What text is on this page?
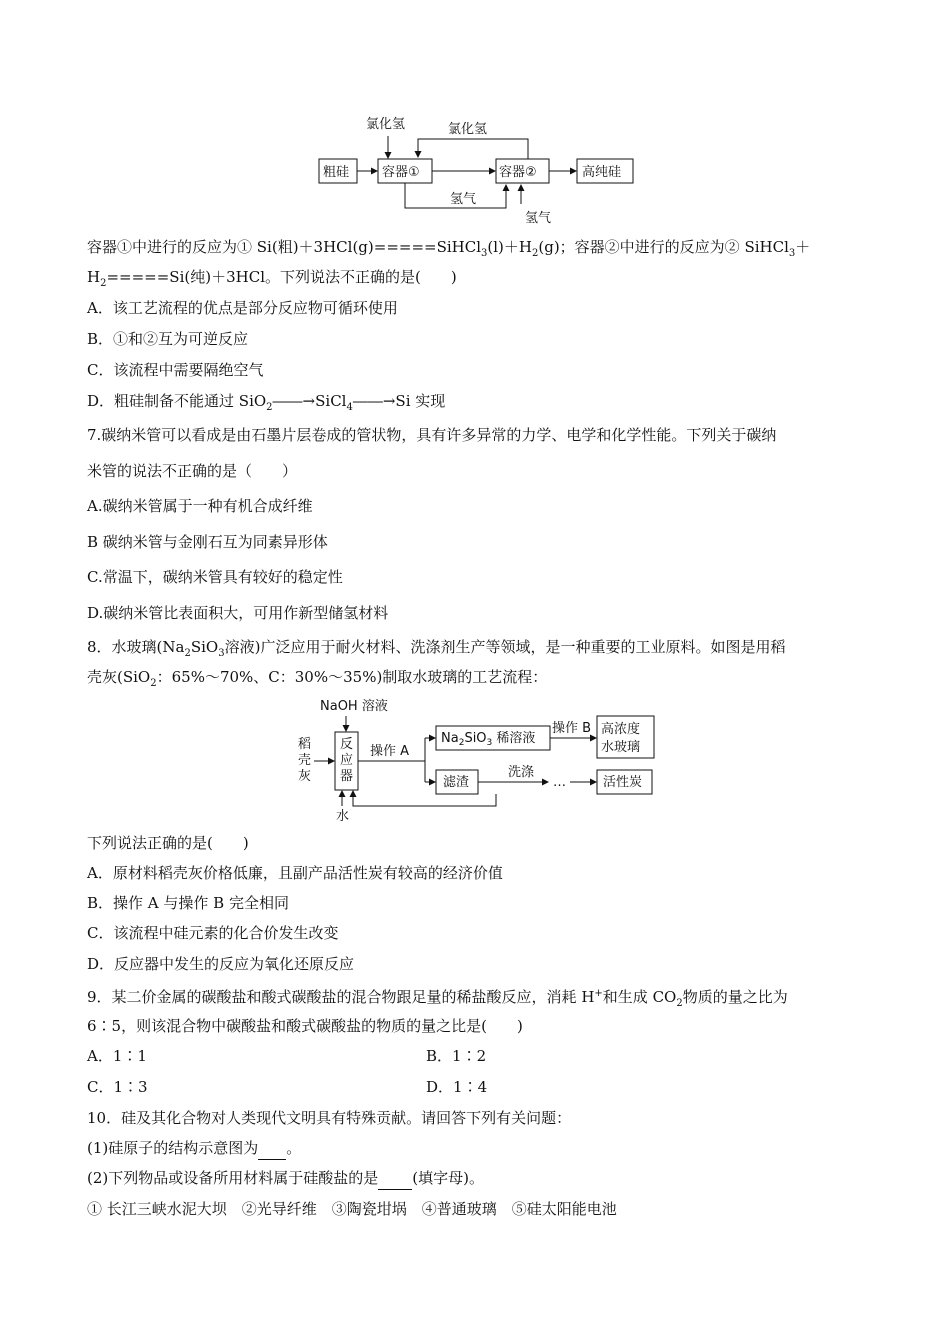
氯化氢	氯化氢
粗硅	容器①	容器②	高纯硅
氢气
氢气
容器①中进行的反应为① Si(粗)$+3HCl(g)=====SiHCl_3(l)+H_2(g)$；容器②中进行的反应为② SiHCl$_3$＋
$H_2=====Si$(纯)＋3HCl。下列说法不正确的是(　　)
A．该工艺流程的优点是部分反应物可循环使用
B．①和②互为可逆反应
C．该流程中需要隔绝空气
D．粗硅制备不能通过 SiO$_2$――→SiCl$_4$――→Si 实现
7.碳纳米管可以看成是由石墨片层卷成的管状物，具有许多异常的力学、电学和化学性能。下列关于碳纳
米管的说法不正确的是（　　）
A.碳纳米管属于一种有机合成纤维
B 碳纳米管与金刚石互为同素异形体
C.常温下，碳纳米管具有较好的稳定性
D.碳纳米管比表面积大，可用作新型储氢材料
8．水玻璃($Na_2SiO_3$溶液)广泛应用于耐火材料、洗涤剂生产等领域，是一种重要的工业原料。如图是用稻
壳灰(SiO$_2$：65%～70%、C：30%～35%)制取水玻璃的工艺流程：
NaOH 溶液
稻
壳
灰
反
应
器
操作 A
$Na_2SiO_3$ 稀溶液
操作 B 高浓度
水玻璃
滤渣
洗涤
…	活性炭
水
下列说法正确的是(　　)
A．原材料稻壳灰价格低廉，且副产品活性炭有较高的经济价值
B．操作 A 与操作 B 完全相同
C．该流程中硅元素的化合价发生改变
D．反应器中发生的反应为氧化还原反应
9．某二价金属的碳酸盐和酸式碳酸盐的混合物跟足量的稀盐酸反应，消耗 H+和生成 $CO_2$物质的量之比为
6∶5，则该混合物中碳酸盐和酸式碳酸盐的物质的量之比是(　　)
A．1∶1	B．1∶2
C．1∶3	D．1∶4
10．硅及其化合物对人类现代文明具有特殊贡献。请回答下列有关问题：
(1)硅原子的结构示意图为 。
(2)下列物品或设备所用材料属于硅酸盐的是 (填字母)。
① 长江三峡水泥大坝　②光导纤维　③陶瓷坩埚　④普通玻璃　⑤硅太阳能电池
